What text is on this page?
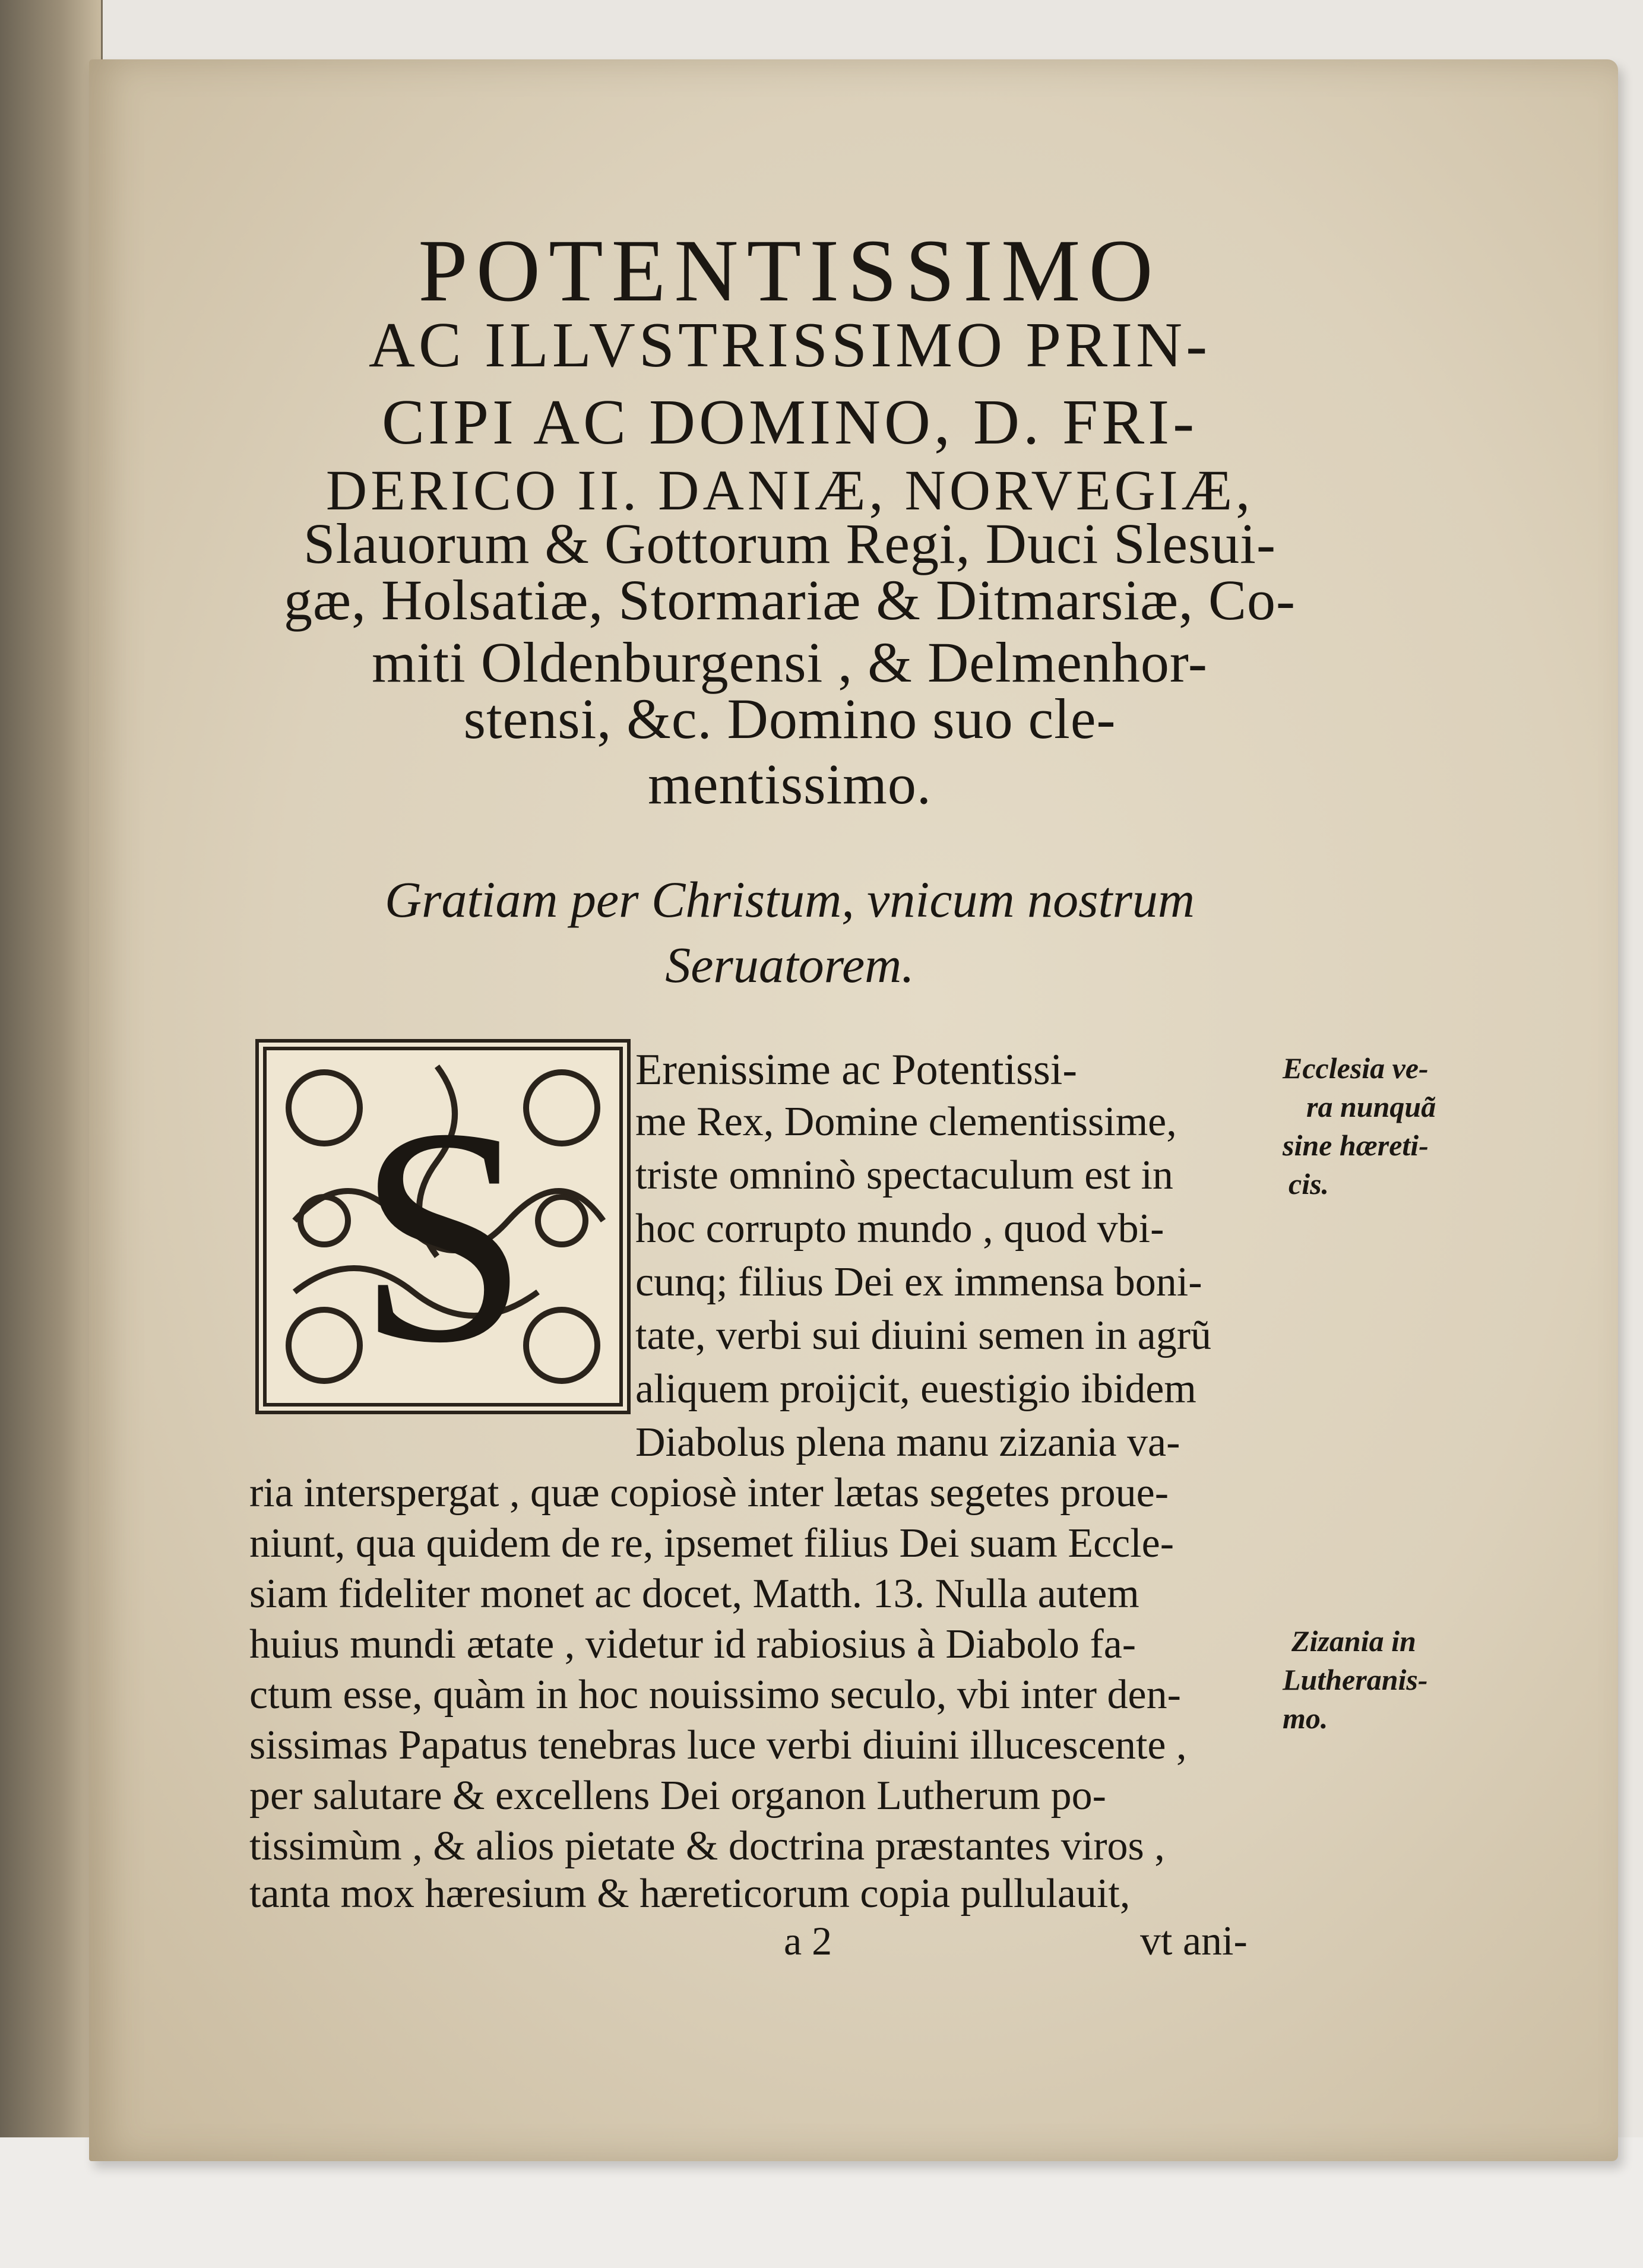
POTENTISSIMO
AC ILLVSTRISSIMO PRIN-
CIPI AC DOMINO, D. FRI-
DERICO II. DANIÆ, NORVEGIÆ,
Slauorum & Gottorum Regi, Duci Slesui-
gæ, Holsatiæ, Stormariæ & Ditmarsiæ, Co-
miti Oldenburgensi , & Delmenhor-
stensi, &c. Domino suo cle-
mentissimo.
Gratiam per Christum, vnicum nostrum
Seruatorem.
S Erenissime ac Potentissi-
me Rex, Domine clementissime,
triste omninò spectaculum est in
hoc corrupto mundo , quod vbi-
cunq; filius Dei ex immensa boni-
tate, verbi sui diuini semen in agrũ
aliquem proijcit, euestigio ibidem
Diabolus plena manu zizania va-
ria interspergat , quæ copiosè inter lætas segetes proue-
niunt, qua quidem de re, ipsemet filius Dei suam Eccle-
siam fideliter monet ac docet, Matth. 13. Nulla autem
huius mundi ætate , videtur id rabiosius à Diabolo fa-
ctum esse, quàm in hoc nouissimo seculo, vbi inter den-
sissimas Papatus tenebras luce verbi diuini illucescente ,
per salutare & excellens Dei organon Lutherum po-
tissimùm , & alios pietate & doctrina præstantes viros ,
tanta mox hæresium & hæreticorum copia pullulauit,
a 2	vt ani-
Ecclesia ve-
ra nunquã
sine hæreti-
cis.
Zizania in
Lutheranis-
mo.
